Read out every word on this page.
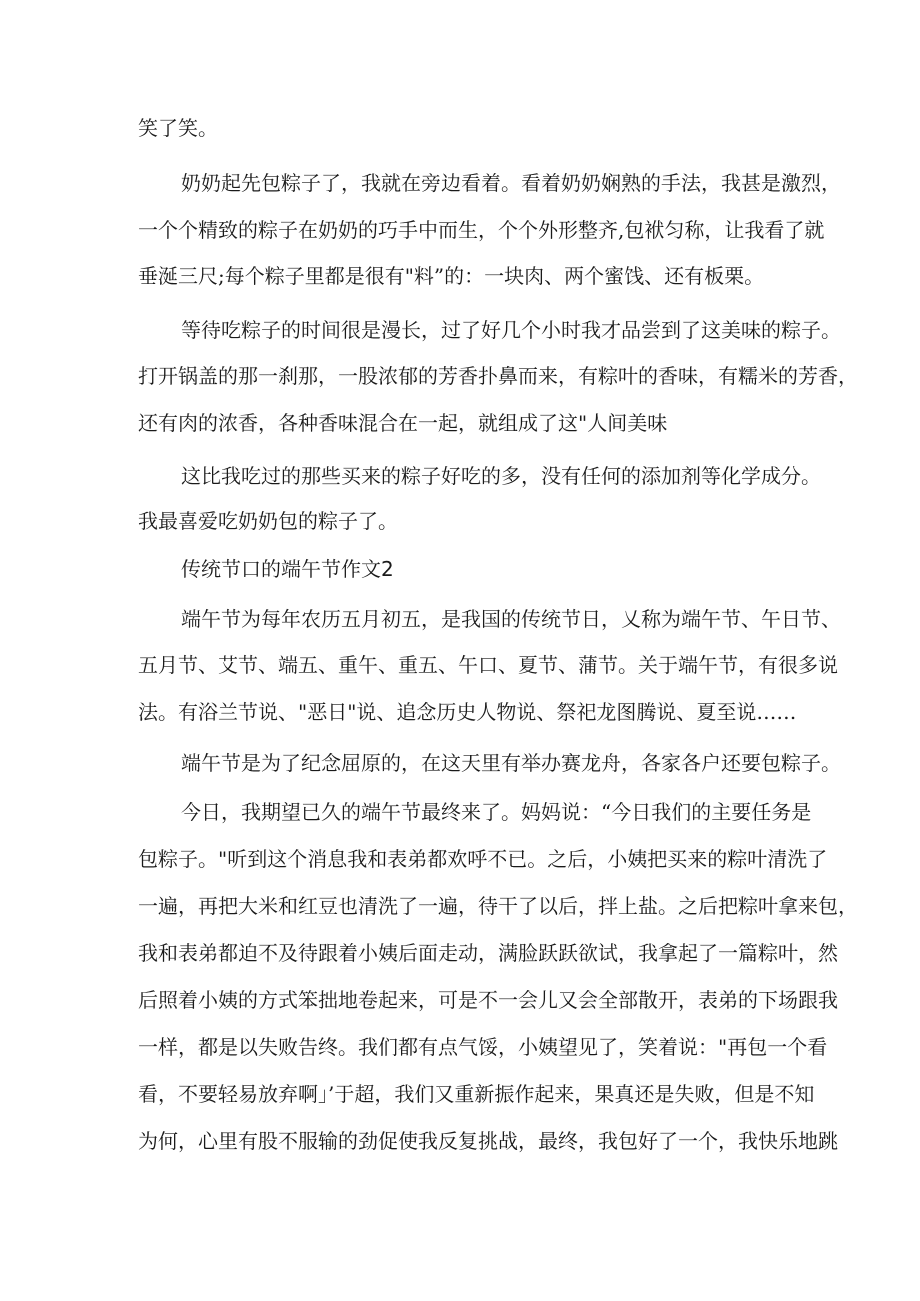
笑了笑。
奶奶起先包粽子了，我就在旁边看着。看着奶奶娴熟的手法，我甚是激烈，
一个个精致的粽子在奶奶的巧手中而生，个个外形整齐,包袱匀称，让我看了就
垂涎三尺;每个粽子里都是很有"料”的：一块肉、两个蜜饯、还有板栗。
等待吃粽子的时间很是漫长，过了好几个小时我才品尝到了这美味的粽子。
打开锅盖的那一刹那，一股浓郁的芳香扑鼻而来，有粽叶的香味，有糯米的芳香，
还有肉的浓香，各种香味混合在一起，就组成了这"人间美味
这比我吃过的那些买来的粽子好吃的多，没有任何的添加剂等化学成分。
我最喜爱吃奶奶包的粽子了。
传统节口的端午节作文2
端午节为每年农历五月初五，是我国的传统节日，乂称为端午节、午日节、
五月节、艾节、端五、重午、重五、午口、夏节、蒲节。关于端午节，有很多说
法。有浴兰节说、"恶日"说、追念历史人物说、祭祀龙图腾说、夏至说……
端午节是为了纪念屈原的，在这天里有举办赛龙舟，各家各户还要包粽子。
今日，我期望已久的端午节最终来了。妈妈说：“今日我们的主要任务是
包粽子。"听到这个消息我和表弟都欢呼不已。之后，小姨把买来的粽叶清洗了
一遍，再把大米和红豆也清洗了一遍，待干了以后，拌上盐。之后把粽叶拿来包，
我和表弟都迫不及待跟着小姨后面走动，满脸跃跃欲试，我拿起了一篇粽叶，然
后照着小姨的方式笨拙地卷起来，可是不一会儿又会全部散开，表弟的下场跟我
一样，都是以失败告终。我们都有点气馁，小姨望见了，笑着说："再包一个看
看，不要轻易放弃啊」’于超，我们又重新振作起来，果真还是失败，但是不知
为何，心里有股不服输的劲促使我反复挑战，最终，我包好了一个，我快乐地跳
